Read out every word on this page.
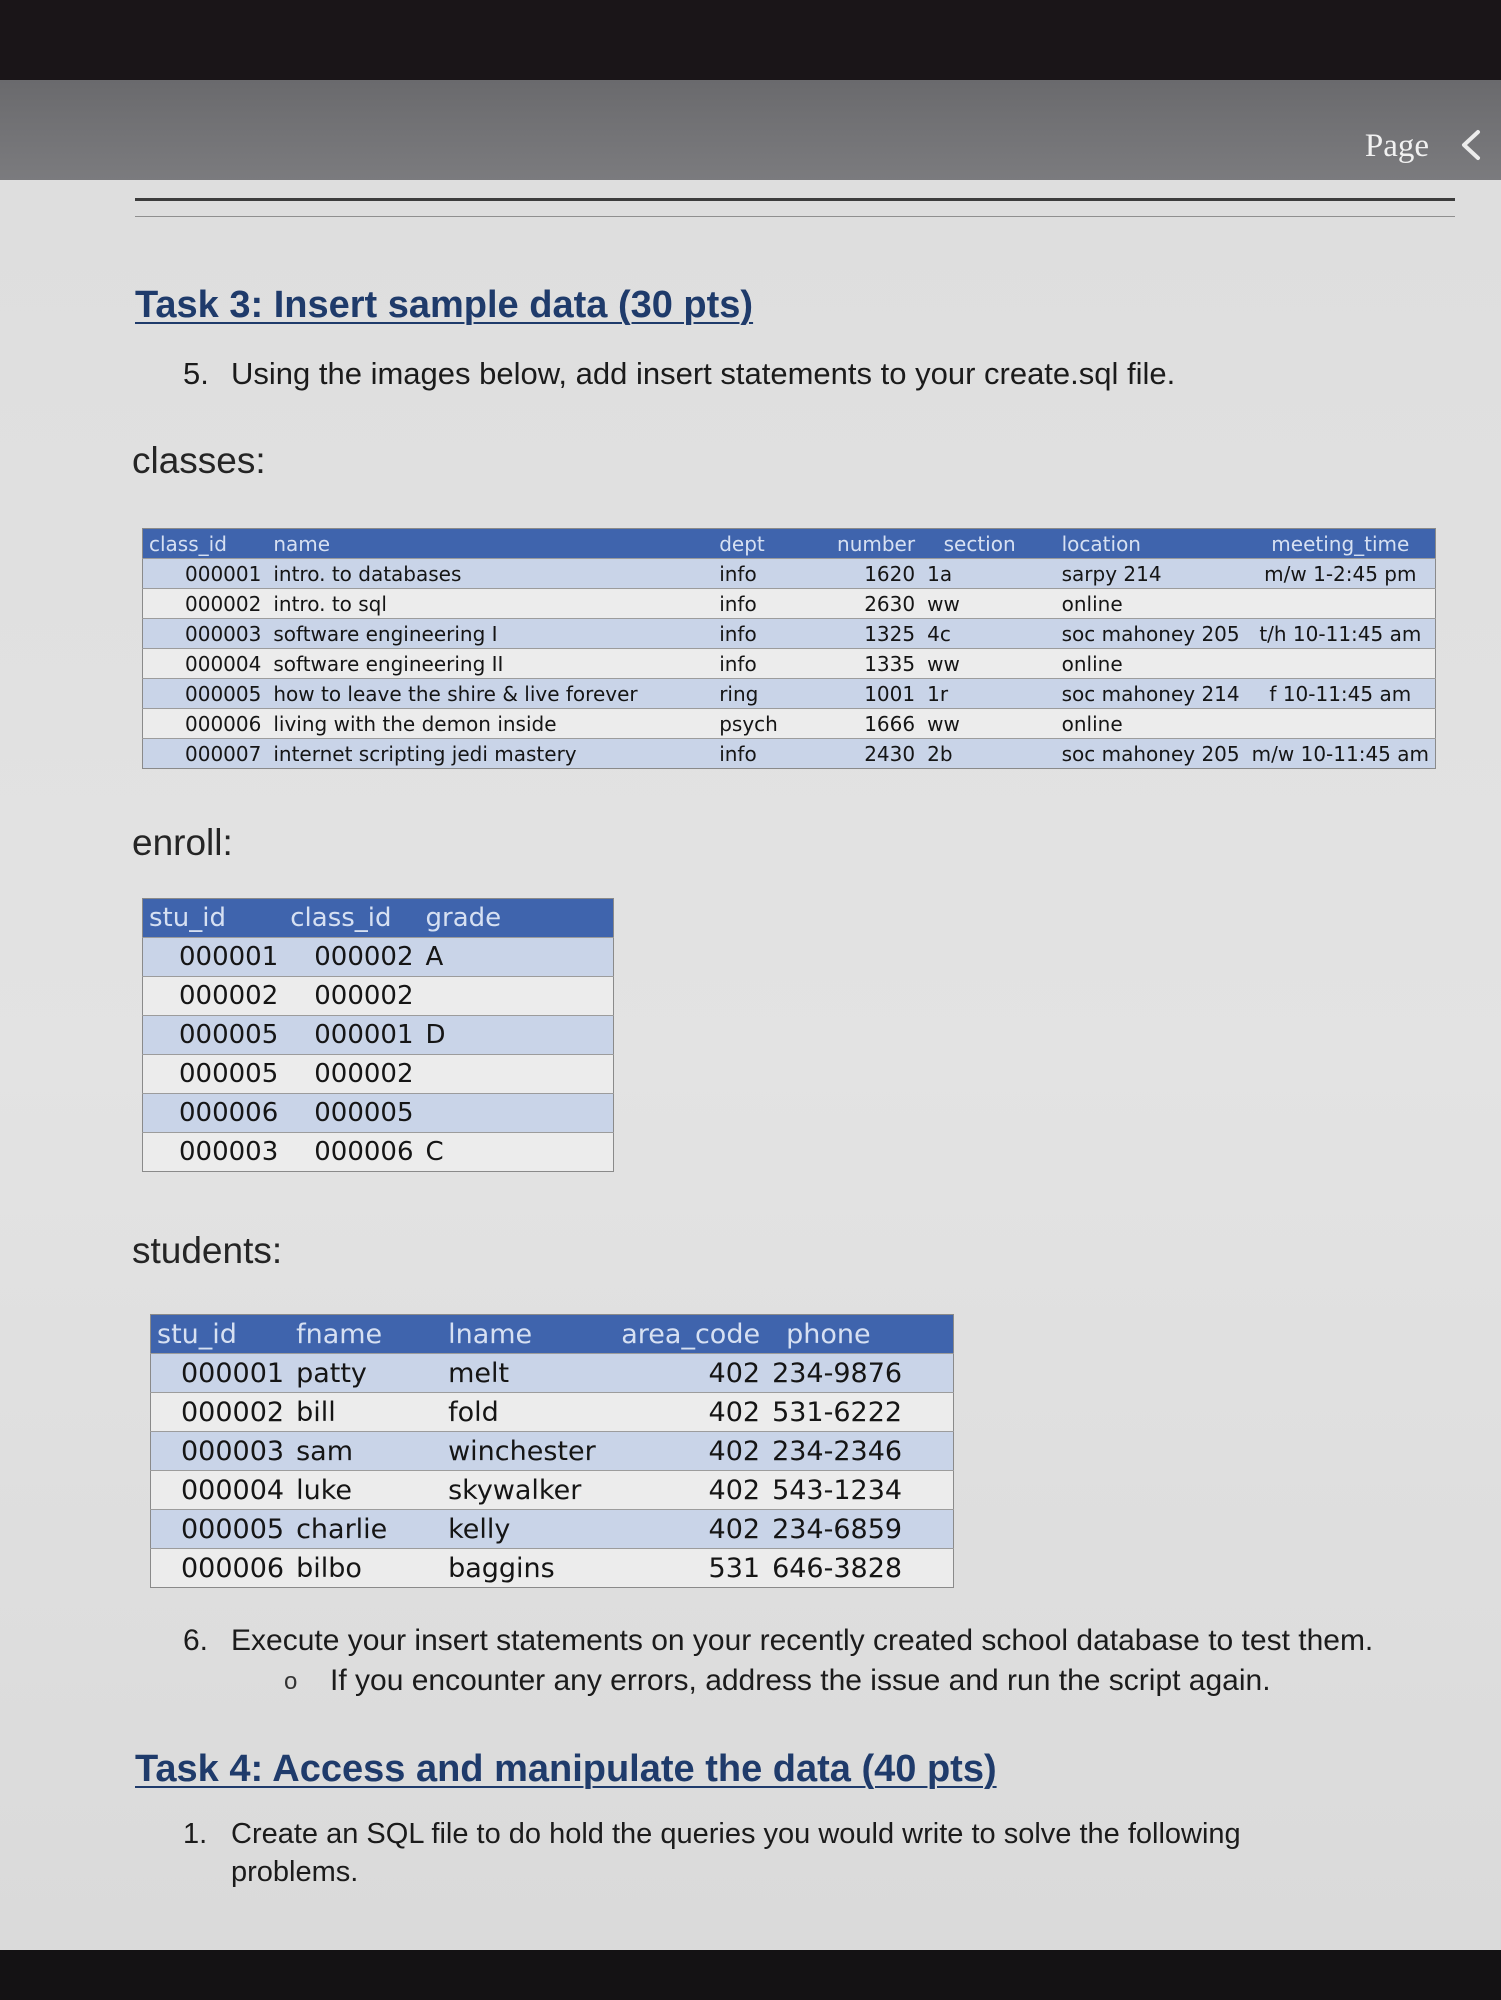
Page
Task 3: Insert sample data (30 pts)

5. Using the images below, add insert statements to your create.sql file.

classes:

class_id	name	dept	number	section	location	meeting_time
000001	intro. to databases	info	1620	1a	sarpy 214	m/w 1-2:45 pm
000002	intro. to sql	info	2630	ww	online	
000003	software engineering I	info	1325	4c	soc mahoney 205	t/h 10-11:45 am
000004	software engineering II	info	1335	ww	online	
000005	how to leave the shire & live forever	ring	1001	1r	soc mahoney 214	f 10-11:45 am
000006	living with the demon inside	psych	1666	ww	online	
000007	internet scripting jedi mastery	info	2430	2b	soc mahoney 205	m/w 10-11:45 am

enroll:

stu_id	class_id	grade
000001	000002	A
000002	000002	
000005	000001	D
000005	000002	
000006	000005	
000003	000006	C

students:

stu_id	fname	lname	area_code	phone
000001	patty	melt	402	234-9876
000002	bill	fold	402	531-6222
000003	sam	winchester	402	234-2346
000004	luke	skywalker	402	543-1234
000005	charlie	kelly	402	234-6859
000006	bilbo	baggins	531	646-3828

6. Execute your insert statements on your recently created school database to test them.

o If you encounter any errors, address the issue and run the script again.

Task 4: Access and manipulate the data (40 pts)

1. Create an SQL file to do hold the queries you would write to solve the following

problems.
